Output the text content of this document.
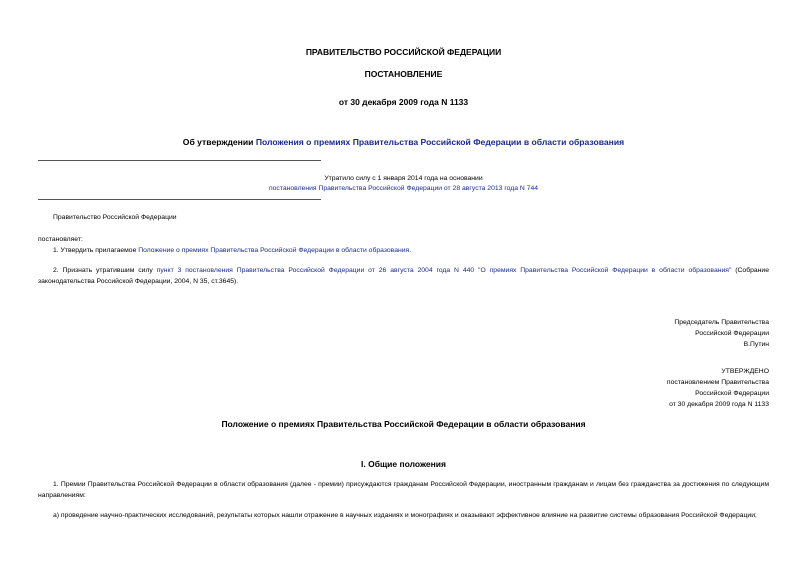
ПРАВИТЕЛЬСТВО РОССИЙСКОЙ ФЕДЕРАЦИИ
ПОСТАНОВЛЕНИЕ
от 30 декабря 2009 года N 1133
Об утверждении Положения о премиях Правительства Российской Федерации в области образования
Утратило силу с 1 января 2014 года на основании
постановления Правительства Российской Федерации от 28 августа 2013 года N 744
Правительство Российской Федерации
постановляет:
1. Утвердить прилагаемое Положение о премиях Правительства Российской Федерации в области образования.
2. Признать утратившим силу пункт 3 постановления Правительства Российской Федерации от 26 августа 2004 года N 440 "О премиях Правительства Российской Федерации в области образования" (Собрание законодательства Российской Федерации, 2004, N 35, ст.3645).
Председатель Правительства
Российской Федерации
В.Путин
УТВЕРЖДЕНО
постановлением Правительства
Российской Федерации
от 30 декабря 2009 года N 1133
Положение о премиях Правительства Российской Федерации в области образования
I. Общие положения
1. Премии Правительства Российской Федерации в области образования (далее - премии) присуждаются гражданам Российской Федерации, иностранным гражданам и лицам без гражданства за достижения по следующим направлениям:
а) проведение научно-практических исследований, результаты которых нашли отражение в научных изданиях и монографиях и оказывают эффективное влияние на развитие системы образования Российской Федерации;
